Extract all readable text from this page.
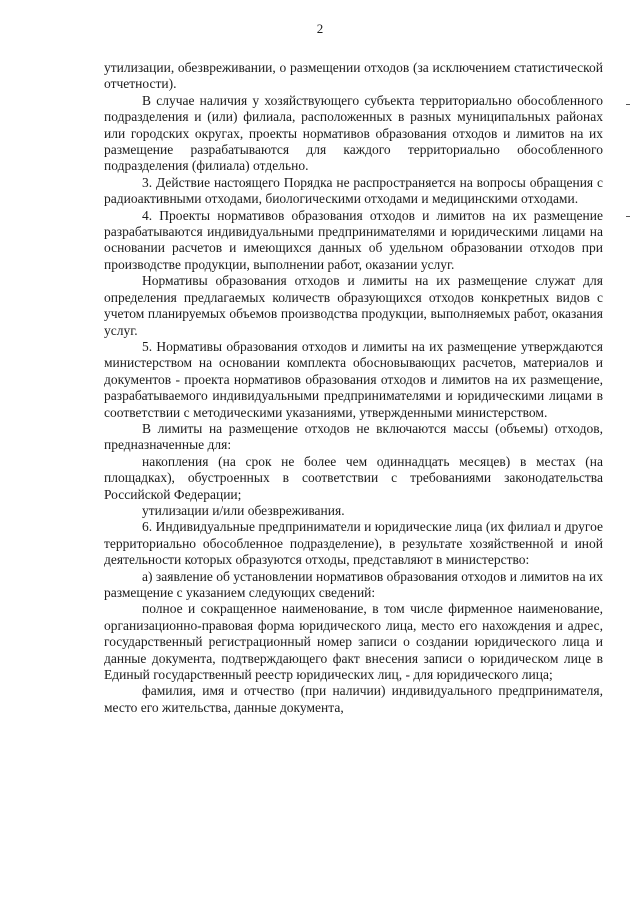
2

утилизации, обезвреживании, о размещении отходов (за исключением статистической отчетности).

В случае наличия у хозяйствующего субъекта территориально обособленного подразделения и (или) филиала, расположенных в разных муниципальных районах или городских округах, проекты нормативов образования отходов и лимитов на их размещение разрабатываются для каждого территориально обособленного подразделения (филиала) отдельно.

3. Действие настоящего Порядка не распространяется на вопросы обращения с радиоактивными отходами, биологическими отходами и медицинскими отходами.

4. Проекты нормативов образования отходов и лимитов на их размещение разрабатываются индивидуальными предпринимателями и юридическими лицами на основании расчетов и имеющихся данных об удельном образовании отходов при производстве продукции, выполнении работ, оказании услуг.

Нормативы образования отходов и лимиты на их размещение служат для определения предлагаемых количеств образующихся отходов конкретных видов с учетом планируемых объемов производства продукции, выполняемых работ, оказания услуг.

5. Нормативы образования отходов и лимиты на их размещение утверждаются министерством на основании комплекта обосновывающих расчетов, материалов и документов - проекта нормативов образования отходов и лимитов на их размещение, разрабатываемого индивидуальными предпринимателями и юридическими лицами в соответствии с методическими указаниями, утвержденными министерством.

В лимиты на размещение отходов не включаются массы (объемы) отходов, предназначенные для:

накопления (на срок не более чем одиннадцать месяцев) в местах (на площадках), обустроенных в соответствии с требованиями законодательства Российской Федерации;

утилизации и/или обезвреживания.

6. Индивидуальные предприниматели и юридические лица (их филиал и другое территориально обособленное подразделение), в результате хозяйственной и иной деятельности которых образуются отходы, представляют в министерство:

а) заявление об установлении нормативов образования отходов и лимитов на их размещение с указанием следующих сведений:

полное и сокращенное наименование, в том числе фирменное наименование, организационно-правовая форма юридического лица, место его нахождения и адрес, государственный регистрационный номер записи о создании юридического лица и данные документа, подтверждающего факт внесения записи о юридическом лице в Единый государственный реестр юридических лиц, - для юридического лица;

фамилия, имя и отчество (при наличии) индивидуального предпринимателя, место его жительства, данные документа,
